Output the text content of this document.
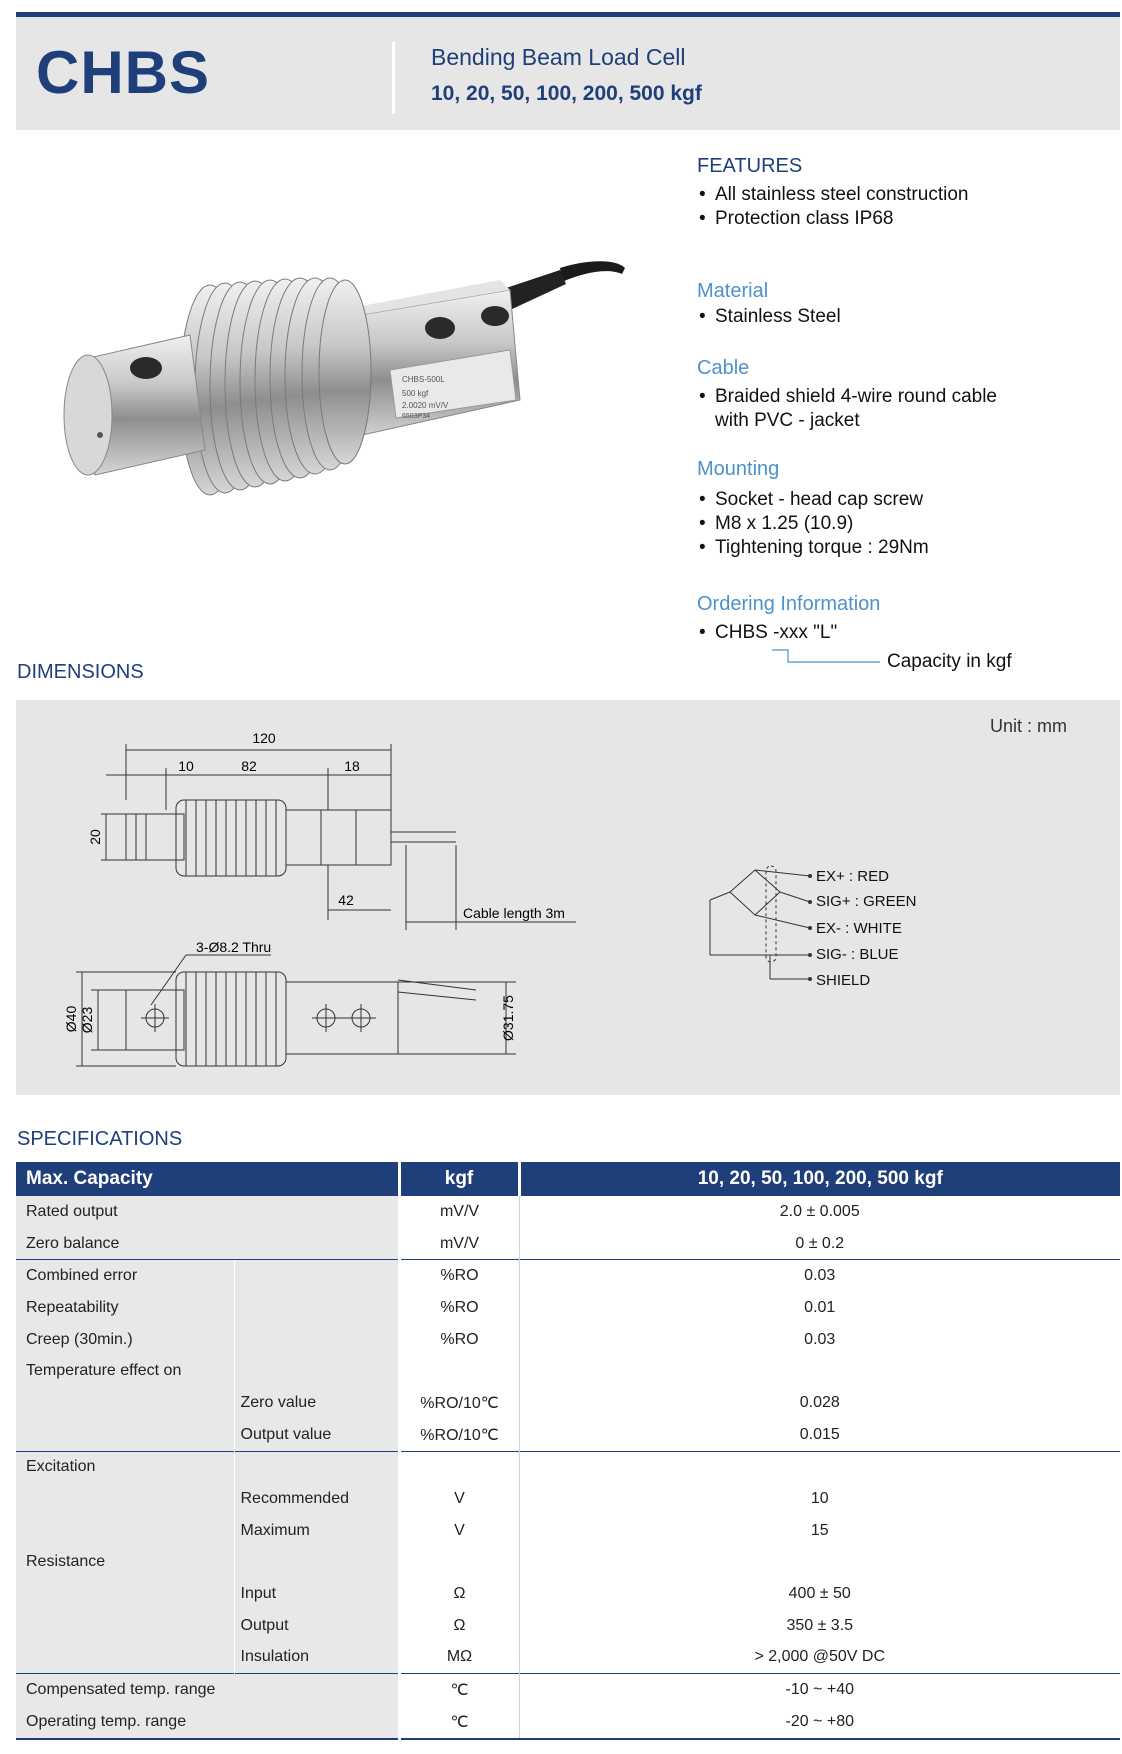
CHBS	Bending Beam Load Cell
10, 20, 50, 100, 200, 500 kgf
CHBS-500L
500 kgf
2.0020 mV/V
6503P34
FEATURES
• All stainless steel construction
• Protection class IP68
Material
• Stainless Steel
Cable
• Braided shield 4-wire round cable
with PVC - jacket
Mounting
• Socket - head cap screw
• M8 x 1.25 (10.9)
• Tightening torque : 29Nm
Ordering Information
• CHBS -xxx "L"
Capacity in kgf
DIMENSIONS
Unit : mm
120
10	82	18
42
20
Cable length 3m
3-Ø8.2 Thru
Ø40 Ø23	Ø31.75
EX+ : RED
SIG+ : GREEN
EX- : WHITE
SIG- : BLUE
SHIELD
SPECIFICATIONS
Max. Capacity		kgf	10, 20, 50, 100, 200, 500 kgf
Rated output		mV/V	2.0 ± 0.005
Zero balance		mV/V	0 ± 0.2
Combined error		%RO	0.03
Repeatability		%RO	0.01
Creep (30min.)		%RO	0.03
Temperature effect on			
	Zero value	%RO/10℃	0.028
	Output value	%RO/10℃	0.015
Excitation			
	Recommended	V	10
	Maximum	V	15
Resistance			
	Input	Ω	400 ± 50
	Output	Ω	350 ± 3.5
	Insulation	MΩ	> 2,000 @50V DC
Compensated temp. range		℃	-10 ~ +40
Operating temp. range		℃	-20 ~ +80
